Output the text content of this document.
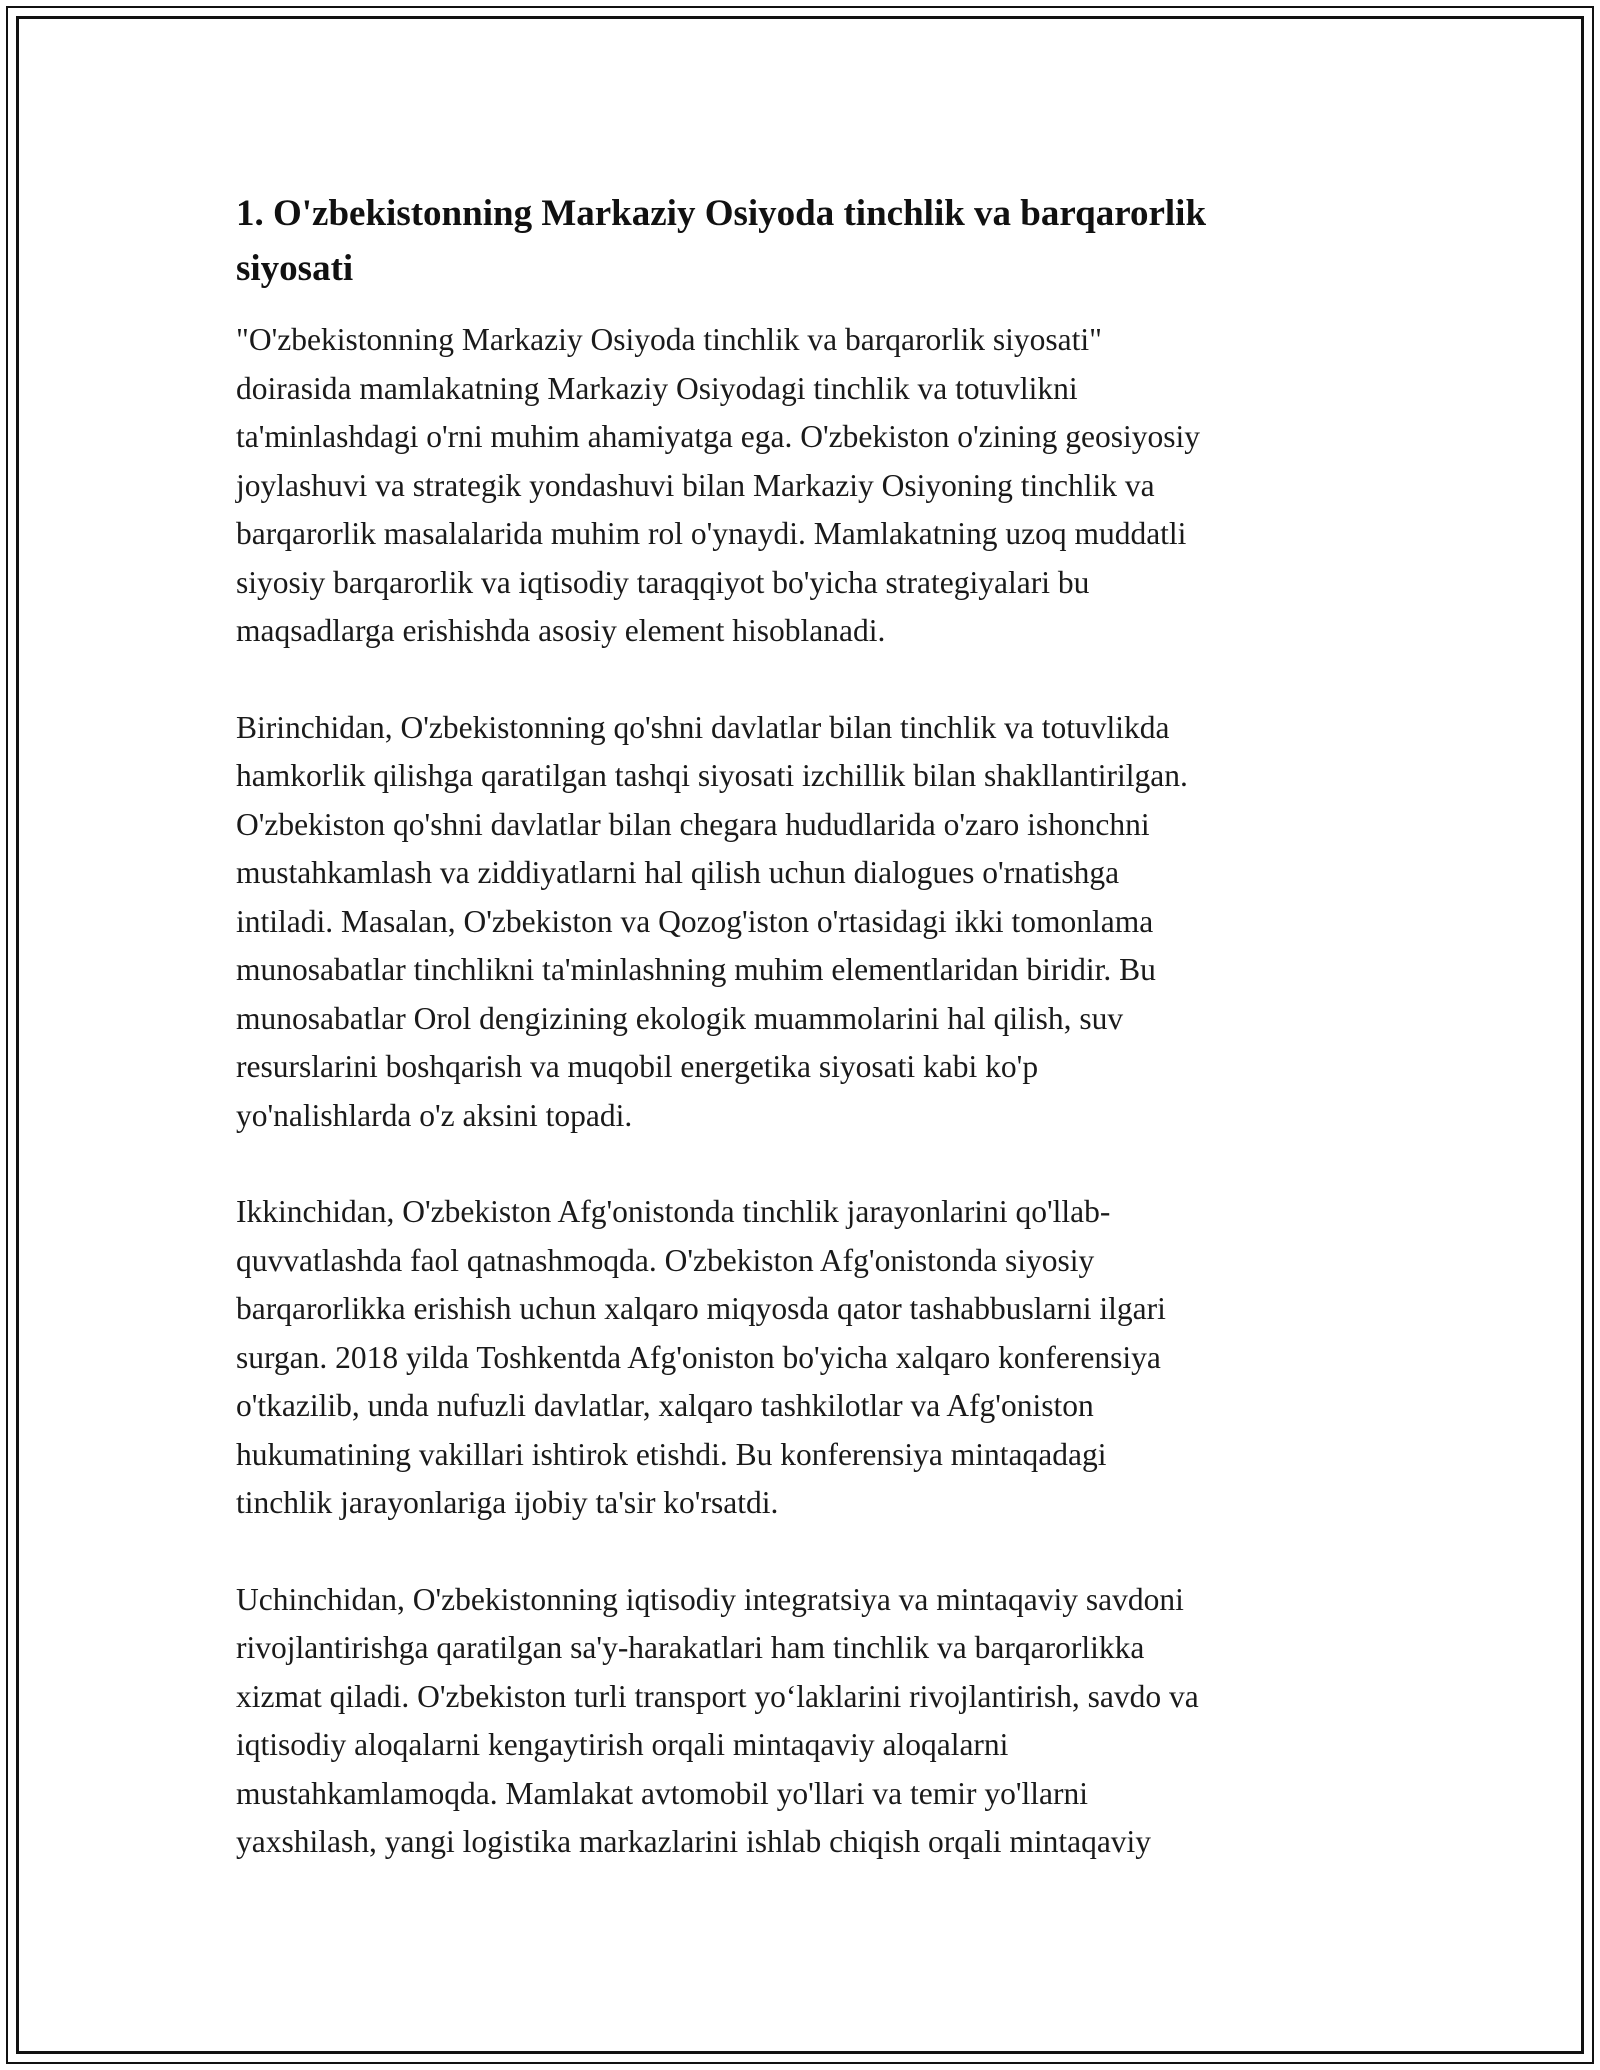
1. O'zbekistonning Markaziy Osiyoda tinchlik va barqarorlik
siyosati
"O'zbekistonning Markaziy Osiyoda tinchlik va barqarorlik siyosati"
doirasida mamlakatning Markaziy Osiyodagi tinchlik va totuvlikni
ta'minlashdagi o'rni muhim ahamiyatga ega. O'zbekiston o'zining geosiyosiy
joylashuvi va strategik yondashuvi bilan Markaziy Osiyoning tinchlik va
barqarorlik masalalarida muhim rol o'ynaydi. Mamlakatning uzoq muddatli
siyosiy barqarorlik va iqtisodiy taraqqiyot bo'yicha strategiyalari bu
maqsadlarga erishishda asosiy element hisoblanadi.
Birinchidan, O'zbekistonning qo'shni davlatlar bilan tinchlik va totuvlikda
hamkorlik qilishga qaratilgan tashqi siyosati izchillik bilan shakllantirilgan.
O'zbekiston qo'shni davlatlar bilan chegara hududlarida o'zaro ishonchni
mustahkamlash va ziddiyatlarni hal qilish uchun dialogues o'rnatishga
intiladi. Masalan, O'zbekiston va Qozog'iston o'rtasidagi ikki tomonlama
munosabatlar tinchlikni ta'minlashning muhim elementlaridan biridir. Bu
munosabatlar Orol dengizining ekologik muammolarini hal qilish, suv
resurslarini boshqarish va muqobil energetika siyosati kabi ko'p
yo'nalishlarda o'z aksini topadi.
Ikkinchidan, O'zbekiston Afg'onistonda tinchlik jarayonlarini qo'llab-
quvvatlashda faol qatnashmoqda. O'zbekiston Afg'onistonda siyosiy
barqarorlikka erishish uchun xalqaro miqyosda qator tashabbuslarni ilgari
surgan. 2018 yilda Toshkentda Afg'oniston bo'yicha xalqaro konferensiya
o'tkazilib, unda nufuzli davlatlar, xalqaro tashkilotlar va Afg'oniston
hukumatining vakillari ishtirok etishdi. Bu konferensiya mintaqadagi
tinchlik jarayonlariga ijobiy ta'sir ko'rsatdi.
Uchinchidan, O'zbekistonning iqtisodiy integratsiya va mintaqaviy savdoni
rivojlantirishga qaratilgan sa'y-harakatlari ham tinchlik va barqarorlikka
xizmat qiladi. O'zbekiston turli transport yo‘laklarini rivojlantirish, savdo va
iqtisodiy aloqalarni kengaytirish orqali mintaqaviy aloqalarni
mustahkamlamoqda. Mamlakat avtomobil yo'llari va temir yo'llarni
yaxshilash, yangi logistika markazlarini ishlab chiqish orqali mintaqaviy
